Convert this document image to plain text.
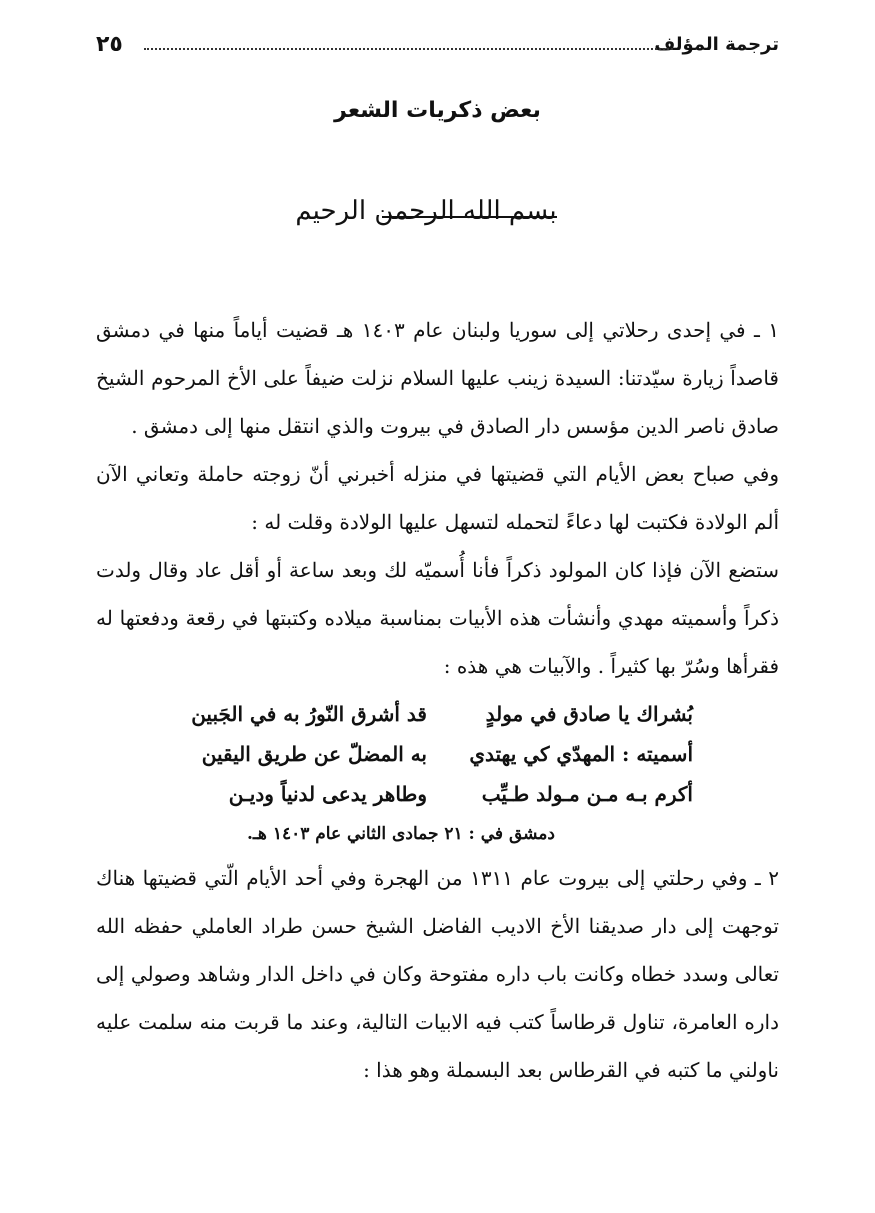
ترجمة المؤلف
٢٥
بعض ذكريات الشعر
بسم الله الرحمن الرحيم

١ ـ في إحدى رحلاتي إلى سوريا ولبنان عام ١٤٠٣ هـ قضيت أياماً منها في دمشق قاصداً زيارة سيّدتنا: السيدة زينب عليها السلام نزلت ضيفاً على الأخ المرحوم الشيخ صادق ناصر الدين مؤسس دار الصادق في بيروت والذي انتقل منها إلى دمشق .

وفي صباح بعض الأيام التي قضيتها في منزله أخبرني أنّ زوجته حاملة وتعاني الآن ألم الولادة فكتبت لها دعاءً لتحمله لتسهل عليها الولادة وقلت له :

ستضع الآن فإذا كان المولود ذكراً فأنا أُسميّه لك وبعد ساعة أو أقل عاد وقال ولدت ذكراً وأسميته مهدي وأنشأت هذه الأبيات بمناسبة ميلاده وكتبتها في رقعة ودفعتها له فقرأها وسُرّ بها كثيراً . والآبيات هي هذه :

بُشراك يا صادق في مولدٍ
قد أشرق النّورُ به في الجَبين
أسميته : المهدّي كي يهتدي
به المضلّ عن طريق اليقين
أكرم بـه مـن مـولد طـيِّب
وطاهر يدعى لدنياً وديـن

دمشق في : ٢١ جمادى الثاني عام ١٤٠٣ هـ.

٢ ـ وفي رحلتي إلى بيروت عام ١٣١١ من الهجرة وفي أحد الأيام الّتي قضيتها هناك توجهت إلى دار صديقنا الأخ الاديب الفاضل الشيخ حسن طراد العاملي حفظه الله تعالى وسدد خطاه وكانت باب داره مفتوحة وكان في داخل الدار وشاهد وصولي إلى داره العامرة، تناول قرطاساً كتب فيه الابيات التالية، وعند ما قربت منه سلمت عليه ناولني ما كتبه في القرطاس بعد البسملة وهو هذا :
